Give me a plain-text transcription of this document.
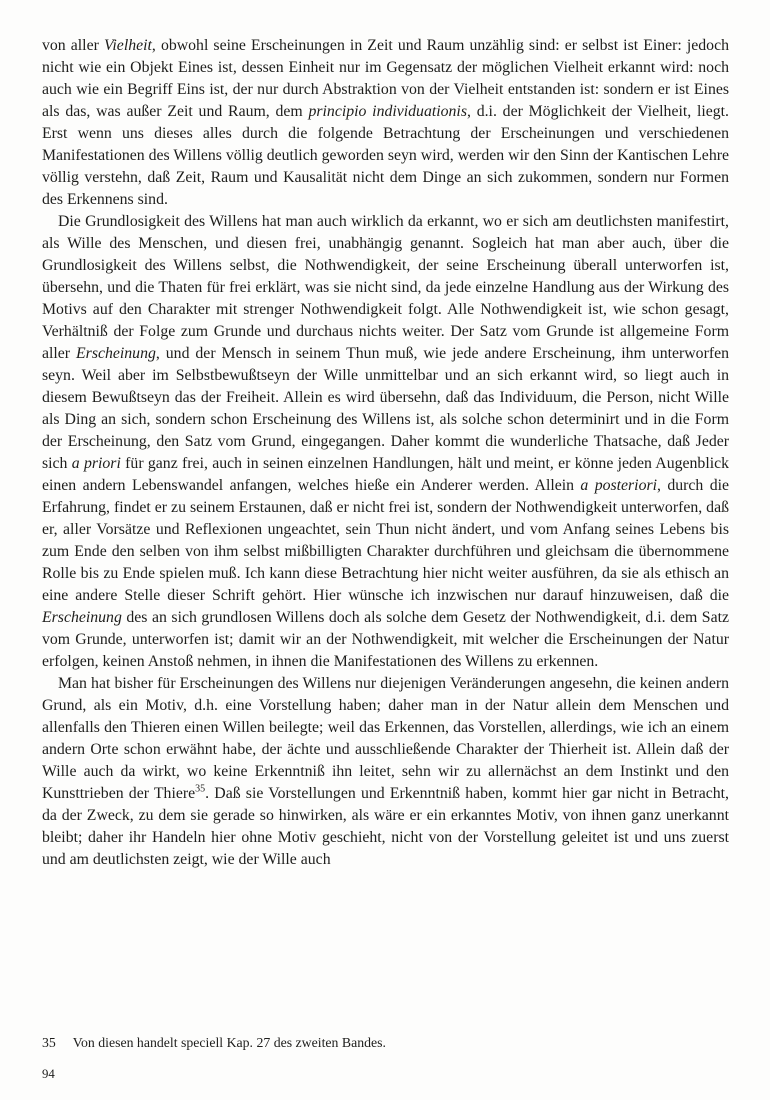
von aller Vielheit, obwohl seine Erscheinungen in Zeit und Raum unzählig sind: er selbst ist Einer: jedoch nicht wie ein Objekt Eines ist, dessen Einheit nur im Gegensatz der möglichen Vielheit erkannt wird: noch auch wie ein Begriff Eins ist, der nur durch Abstraktion von der Vielheit entstanden ist: sondern er ist Eines als das, was außer Zeit und Raum, dem principio individuationis, d.i. der Möglichkeit der Vielheit, liegt. Erst wenn uns dieses alles durch die folgende Betrachtung der Erscheinungen und verschiedenen Manifestationen des Willens völlig deutlich geworden seyn wird, werden wir den Sinn der Kantischen Lehre völlig verstehn, daß Zeit, Raum und Kausalität nicht dem Dinge an sich zukommen, sondern nur Formen des Erkennens sind.

Die Grundlosigkeit des Willens hat man auch wirklich da erkannt, wo er sich am deutlichsten manifestirt, als Wille des Menschen, und diesen frei, unabhängig genannt. Sogleich hat man aber auch, über die Grundlosigkeit des Willens selbst, die Nothwendigkeit, der seine Erscheinung überall unterworfen ist, übersehn, und die Thaten für frei erklärt, was sie nicht sind, da jede einzelne Handlung aus der Wirkung des Motivs auf den Charakter mit strenger Nothwendigkeit folgt. Alle Nothwendigkeit ist, wie schon gesagt, Verhältniß der Folge zum Grunde und durchaus nichts weiter. Der Satz vom Grunde ist allgemeine Form aller Erscheinung, und der Mensch in seinem Thun muß, wie jede andere Erscheinung, ihm unterworfen seyn. Weil aber im Selbstbewußtseyn der Wille unmittelbar und an sich erkannt wird, so liegt auch in diesem Bewußtseyn das der Freiheit. Allein es wird übersehn, daß das Individuum, die Person, nicht Wille als Ding an sich, sondern schon Erscheinung des Willens ist, als solche schon determinirt und in die Form der Erscheinung, den Satz vom Grund, eingegangen. Daher kommt die wunderliche Thatsache, daß Jeder sich a priori für ganz frei, auch in seinen einzelnen Handlungen, hält und meint, er könne jeden Augenblick einen andern Lebenswandel anfangen, welches hieße ein Anderer werden. Allein a posteriori, durch die Erfahrung, findet er zu seinem Erstaunen, daß er nicht frei ist, sondern der Nothwendigkeit unterworfen, daß er, aller Vorsätze und Reflexionen ungeachtet, sein Thun nicht ändert, und vom Anfang seines Lebens bis zum Ende den selben von ihm selbst mißbilligten Charakter durchführen und gleichsam die übernommene Rolle bis zu Ende spielen muß. Ich kann diese Betrachtung hier nicht weiter ausführen, da sie als ethisch an eine andere Stelle dieser Schrift gehört. Hier wünsche ich inzwischen nur darauf hinzuweisen, daß die Erscheinung des an sich grundlosen Willens doch als solche dem Gesetz der Nothwendigkeit, d.i. dem Satz vom Grunde, unterworfen ist; damit wir an der Nothwendigkeit, mit welcher die Erscheinungen der Natur erfolgen, keinen Anstoß nehmen, in ihnen die Manifestationen des Willens zu erkennen.

Man hat bisher für Erscheinungen des Willens nur diejenigen Veränderungen angesehn, die keinen andern Grund, als ein Motiv, d.h. eine Vorstellung haben; daher man in der Natur allein dem Menschen und allenfalls den Thieren einen Willen beilegte; weil das Erkennen, das Vorstellen, allerdings, wie ich an einem andern Orte schon erwähnt habe, der ächte und ausschließende Charakter der Thierheit ist. Allein daß der Wille auch da wirkt, wo keine Erkenntniß ihn leitet, sehn wir zu allernächst an dem Instinkt und den Kunsttrieben der Thiere$^{35}$. Daß sie Vorstellungen und Erkenntniß haben, kommt hier gar nicht in Betracht, da der Zweck, zu dem sie gerade so hinwirken, als wäre er ein erkanntes Motiv, von ihnen ganz unerkannt bleibt; daher ihr Handeln hier ohne Motiv geschieht, nicht von der Vorstellung geleitet ist und uns zuerst und am deutlichsten zeigt, wie der Wille auch

35 Von diesen handelt speciell Kap. 27 des zweiten Bandes.
94
